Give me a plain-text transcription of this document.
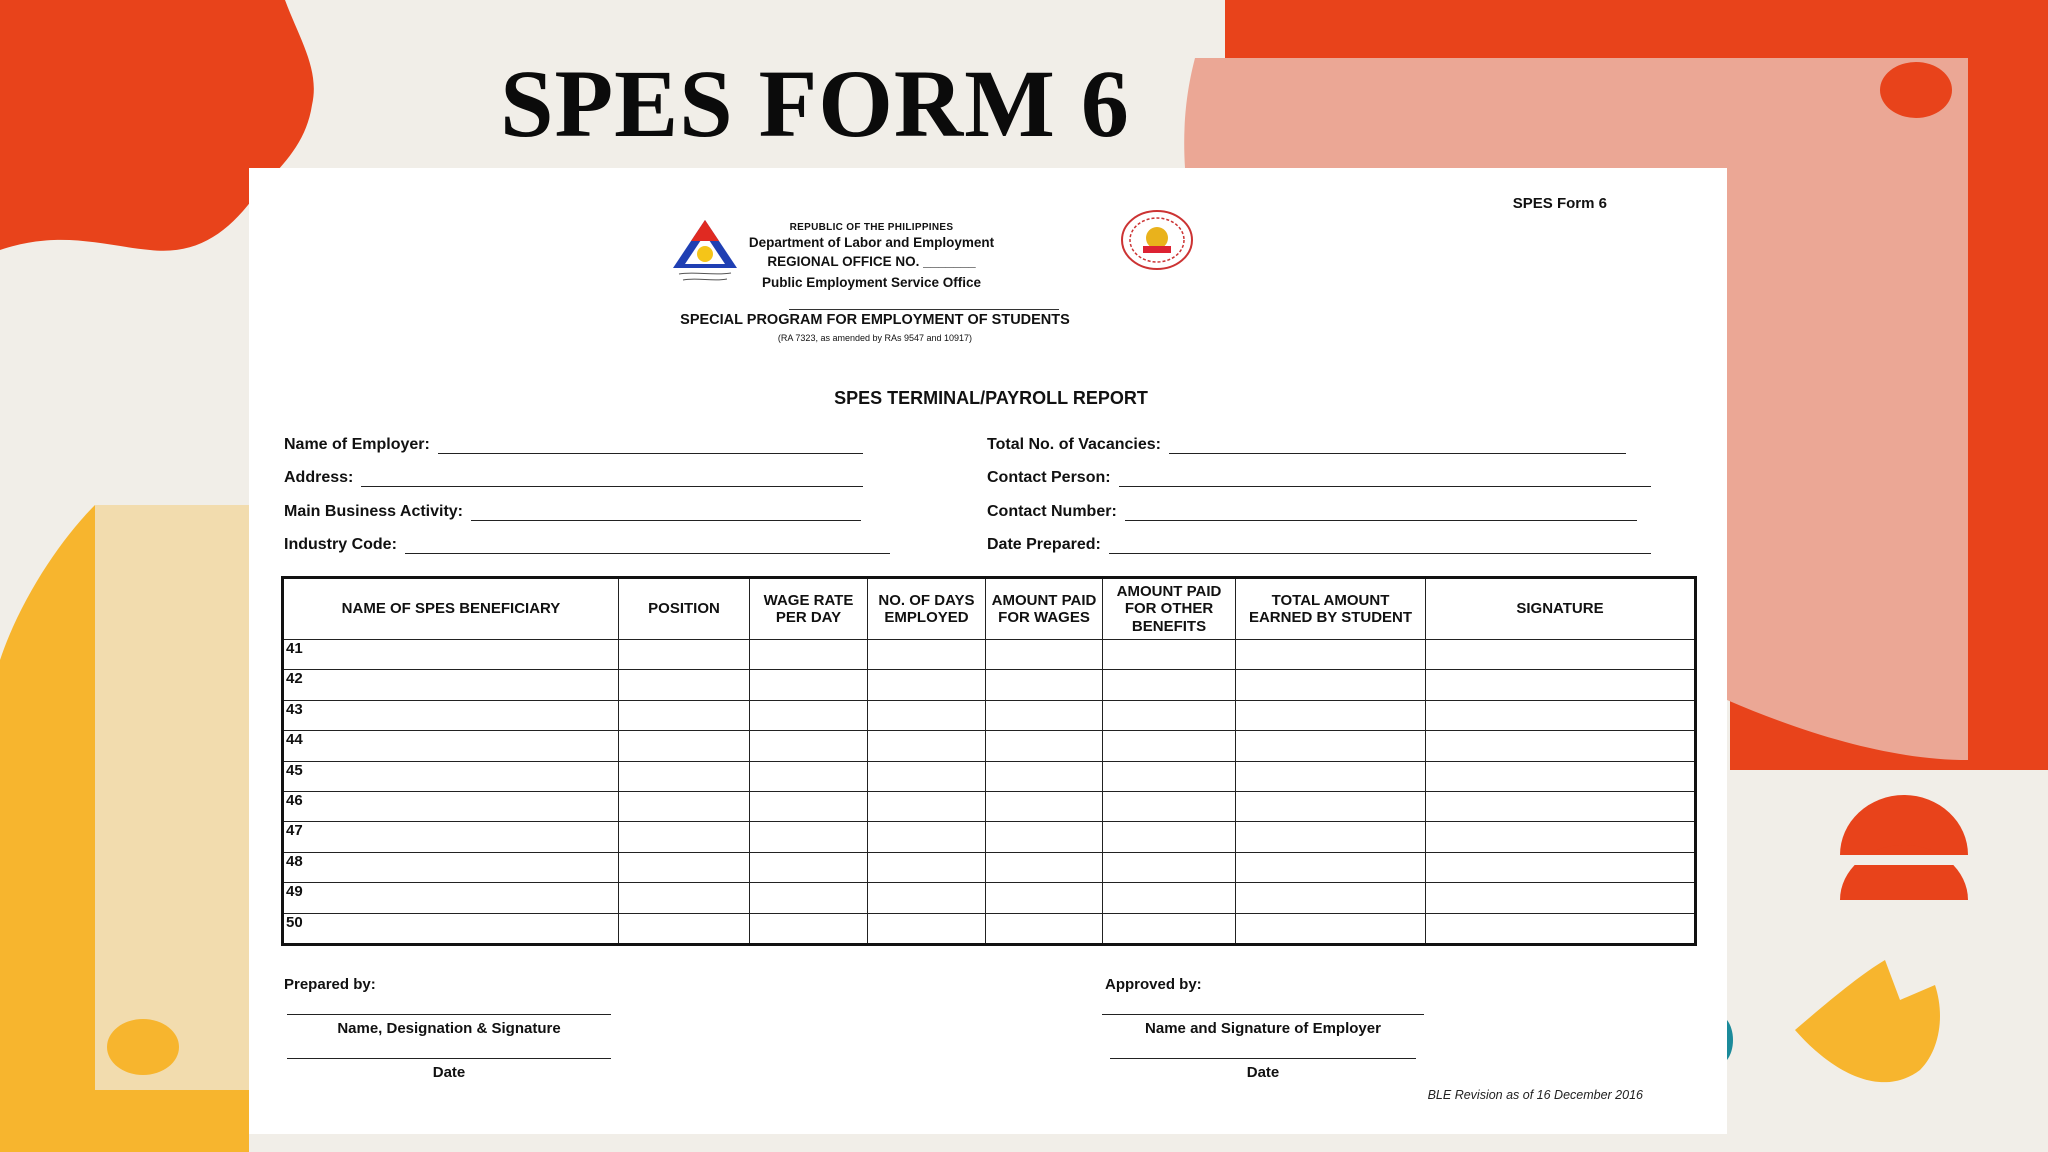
SPES FORM 6
SPES Form 6
REPUBLIC OF THE PHILIPPINES
Department of Labor and Employment
REGIONAL OFFICE NO. _______
Public Employment Service Office
SPECIAL PROGRAM FOR EMPLOYMENT OF STUDENTS
(RA 7323, as amended by RAs 9547 and 10917)
SPES TERMINAL/PAYROLL REPORT
Name of Employer:
Address:
Main Business Activity:
Industry Code:
Total No. of Vacancies:
Contact Person:
Contact Number:
Date Prepared:
NAME OF SPES BENEFICIARY	POSITION	WAGE RATE PER DAY	NO. OF DAYS EMPLOYED	AMOUNT PAID FOR WAGES	AMOUNT PAID FOR OTHER BENEFITS	TOTAL AMOUNT EARNED BY STUDENT	SIGNATURE
41							
42							
43							
44							
45							
46							
47							
48							
49							
50							
Prepared by:	Approved by:
Name, Designation & Signature
Date
Name and Signature of Employer
Date
BLE Revision as of 16 December 2016
